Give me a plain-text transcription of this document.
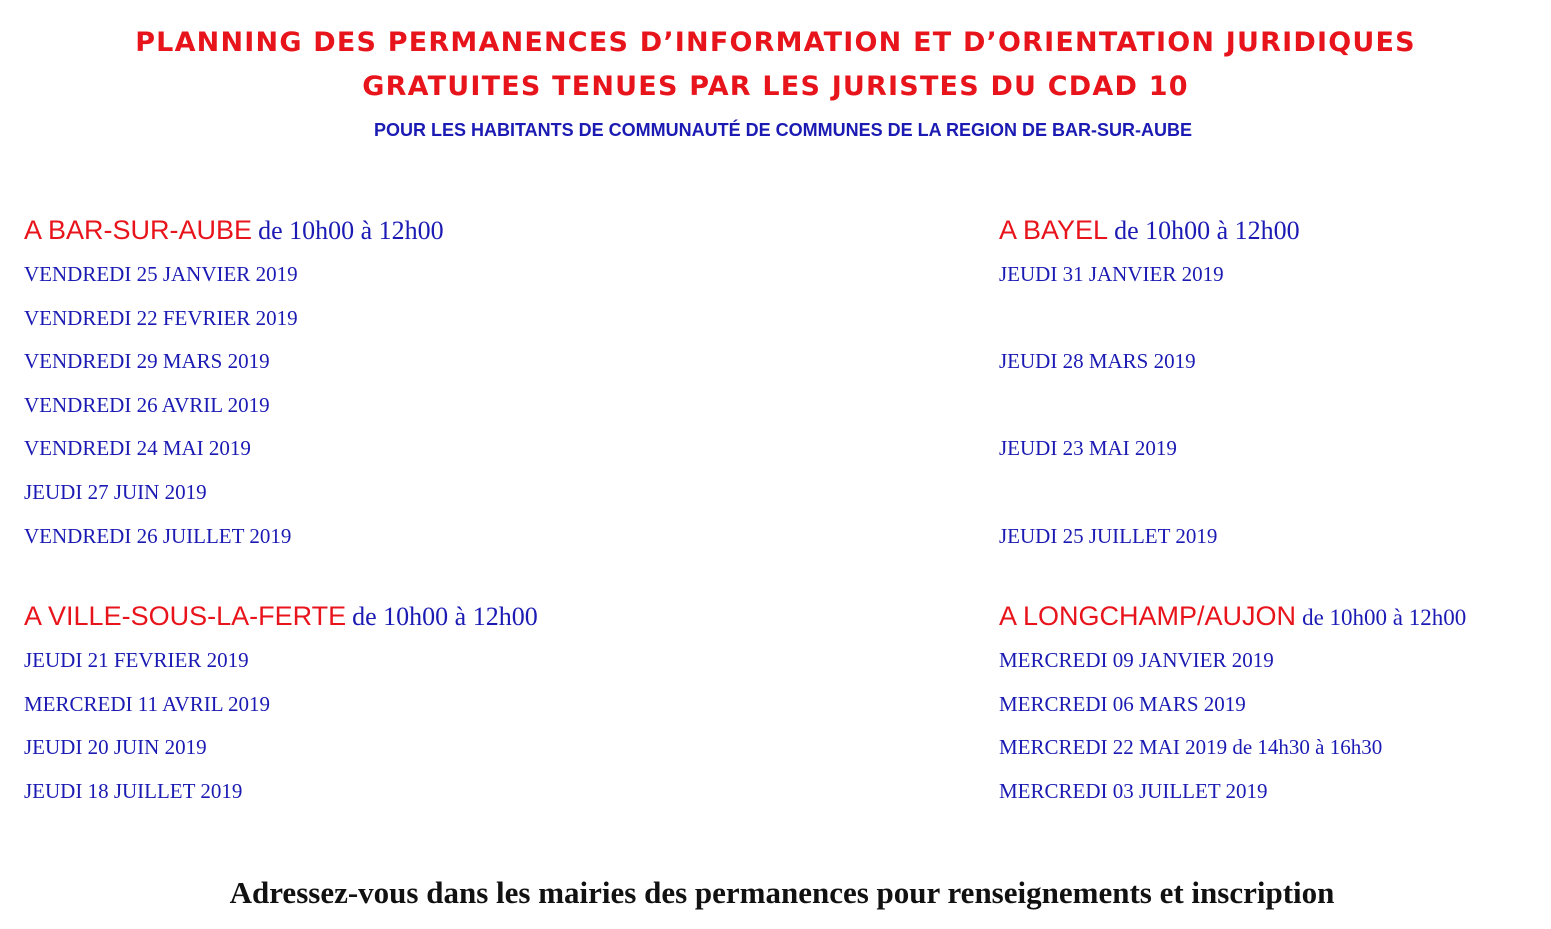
PLANNING DES PERMANENCES D’INFORMATION ET D’ORIENTATION JURIDIQUES
GRATUITES TENUES PAR LES JURISTES DU CDAD 10
POUR LES HABITANTS DE COMMUNAUTÉ DE COMMUNES DE LA REGION DE BAR-SUR-AUBE
A BAR-SUR-AUBE de 10h00 à 12h00
VENDREDI 25 JANVIER 2019
VENDREDI 22 FEVRIER 2019
VENDREDI 29 MARS 2019
VENDREDI 26 AVRIL 2019
VENDREDI 24 MAI 2019
JEUDI 27 JUIN 2019
VENDREDI 26 JUILLET 2019
A BAYEL de 10h00 à 12h00
JEUDI 31 JANVIER 2019
JEUDI 28 MARS 2019
JEUDI 23 MAI 2019
JEUDI 25 JUILLET 2019
A VILLE-SOUS-LA-FERTE de 10h00 à 12h00
JEUDI 21 FEVRIER 2019
MERCREDI 11 AVRIL 2019
JEUDI 20 JUIN 2019
JEUDI 18 JUILLET 2019
A LONGCHAMP/AUJON de 10h00 à 12h00
MERCREDI 09 JANVIER 2019
MERCREDI 06 MARS 2019
MERCREDI 22 MAI 2019 de 14h30 à 16h30
MERCREDI 03 JUILLET 2019
Adressez-vous dans les mairies des permanences pour renseignements et inscription
